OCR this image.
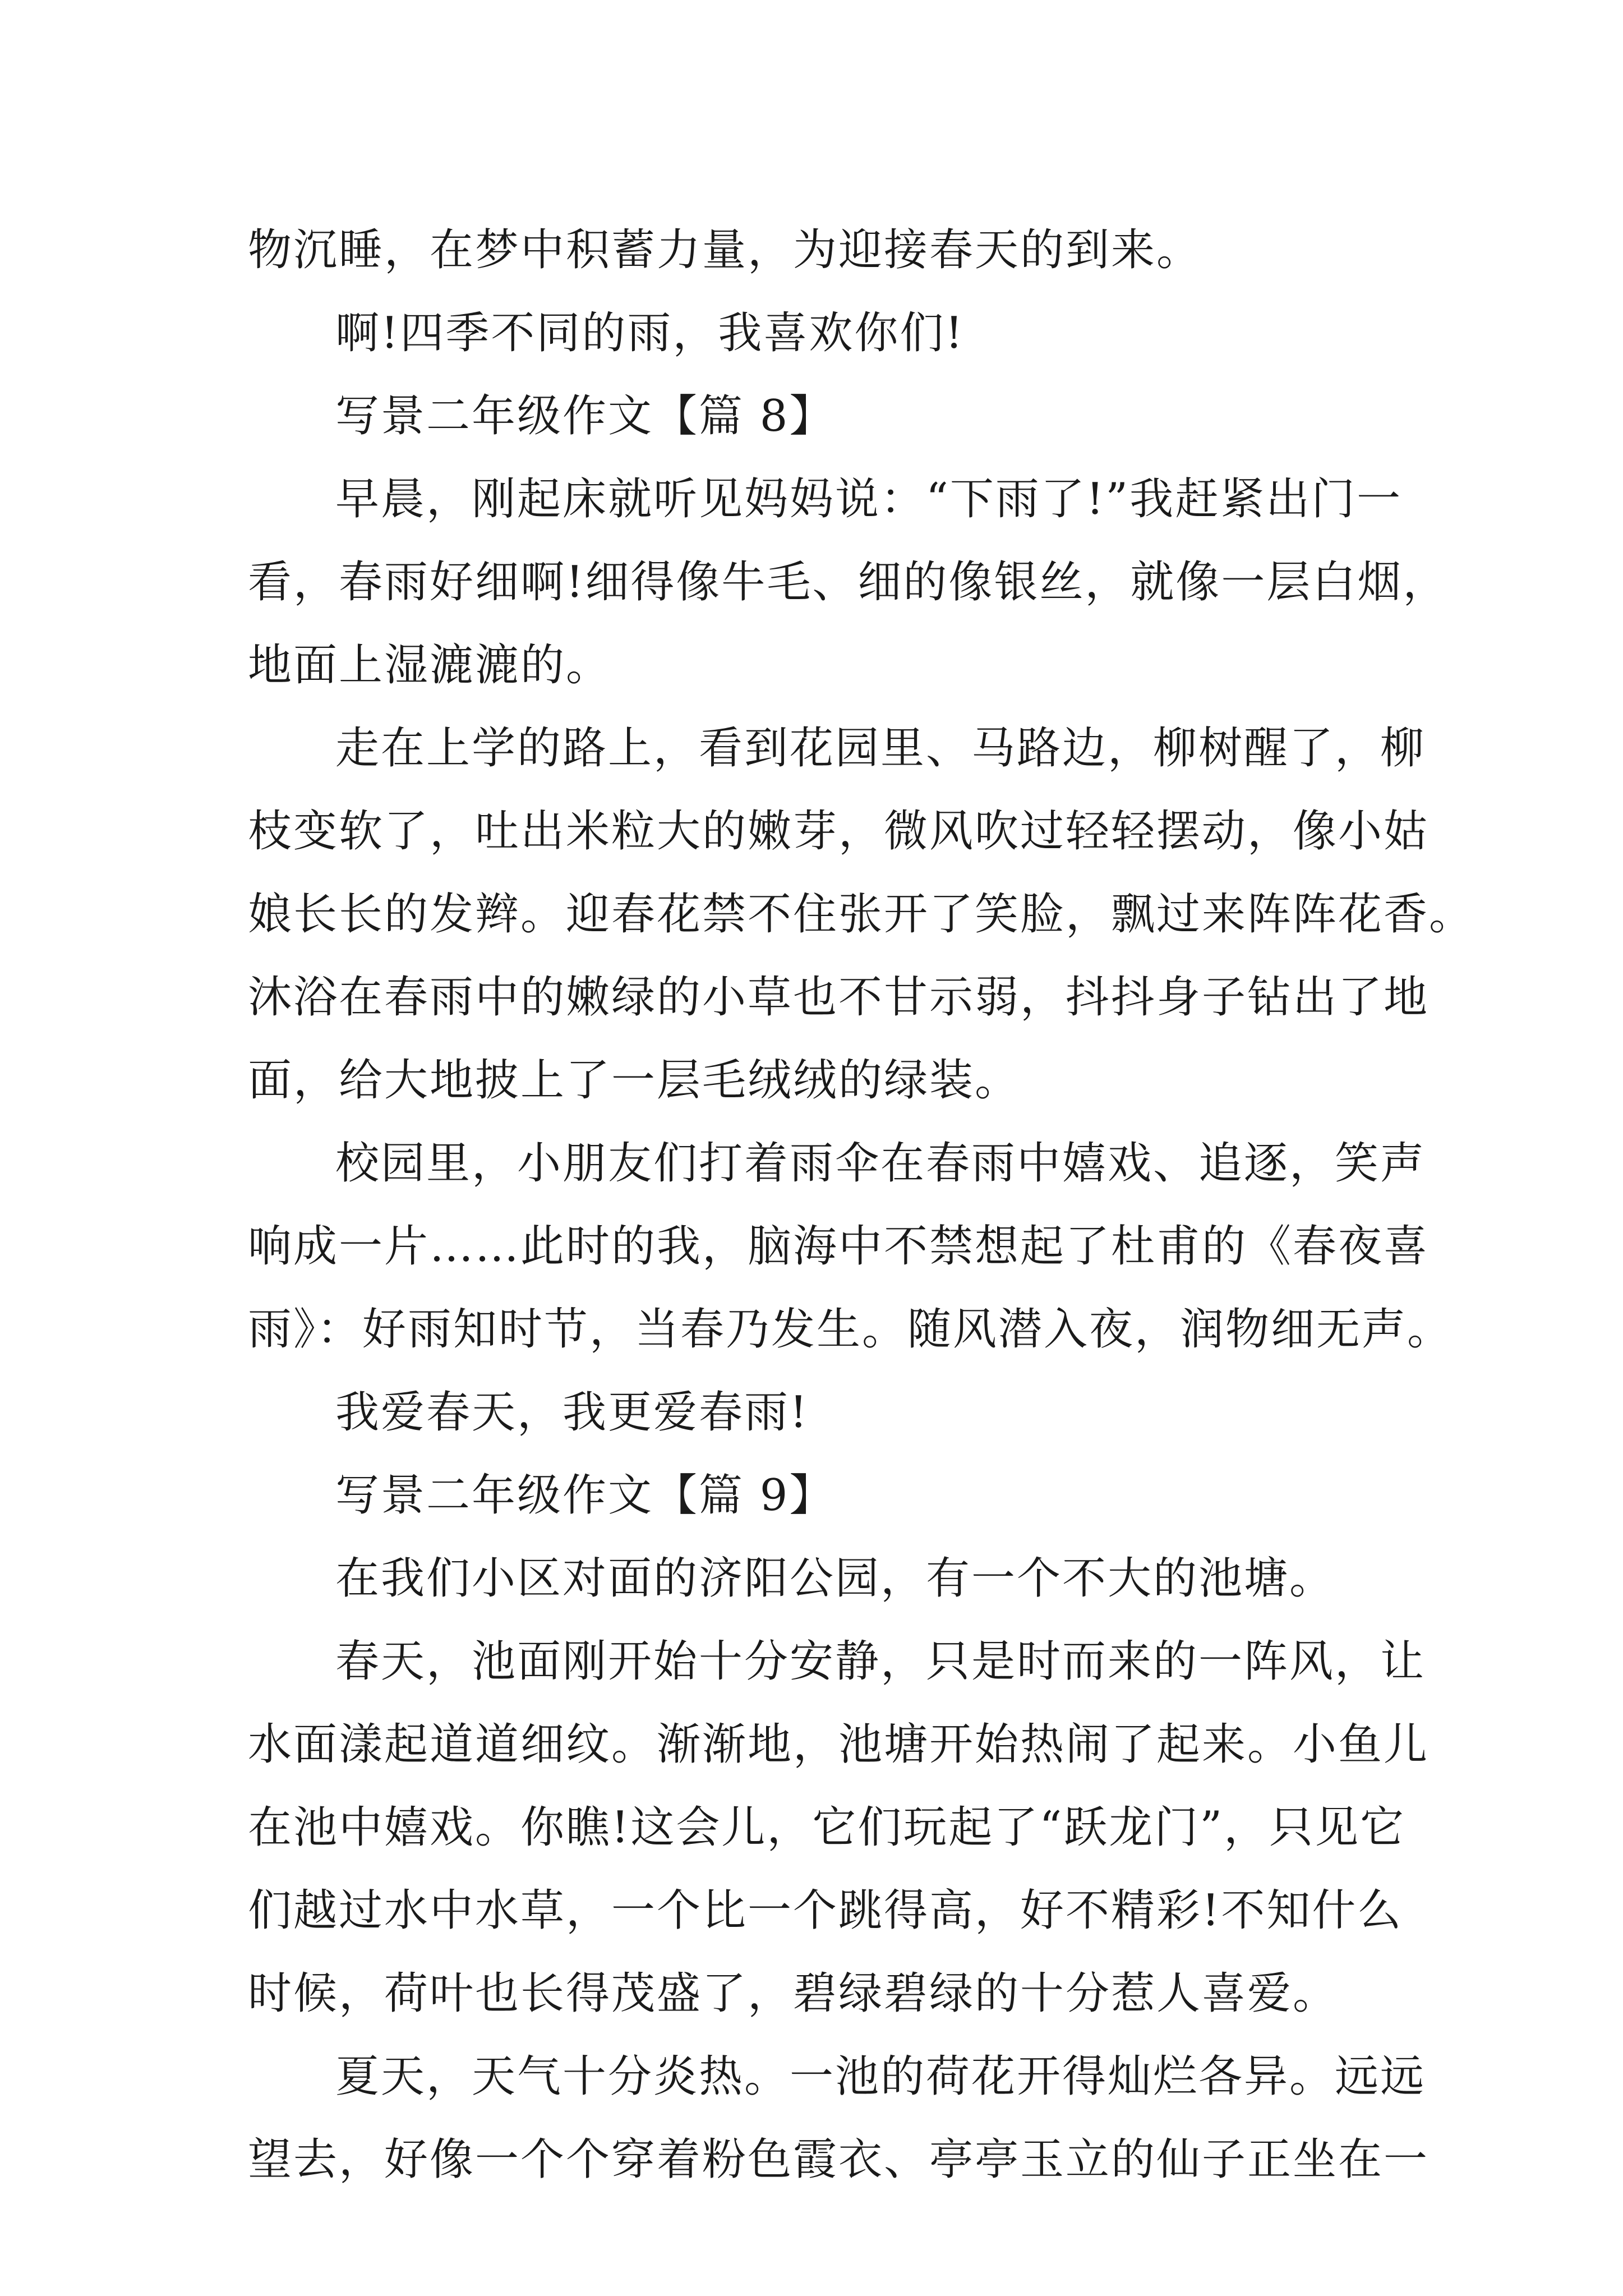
物沉睡，在梦中积蓄力量，为迎接春天的到来。
啊!四季不同的雨，我喜欢你们!
写景二年级作文【篇 8】
早晨，刚起床就听见妈妈说：“下雨了!”我赶紧出门一
看，春雨好细啊!细得像牛毛、细的像银丝，就像一层白烟，
地面上湿漉漉的。
走在上学的路上，看到花园里、马路边，柳树醒了，柳
枝变软了，吐出米粒大的嫩芽，微风吹过轻轻摆动，像小姑
娘长长的发辫。迎春花禁不住张开了笑脸，飘过来阵阵花香。
沐浴在春雨中的嫩绿的小草也不甘示弱，抖抖身子钻出了地
面，给大地披上了一层毛绒绒的绿装。
校园里，小朋友们打着雨伞在春雨中嬉戏、追逐，笑声
响成一片……此时的我，脑海中不禁想起了杜甫的《春夜喜
雨》：好雨知时节，当春乃发生。随风潜入夜，润物细无声。
我爱春天，我更爱春雨!
写景二年级作文【篇 9】
在我们小区对面的济阳公园，有一个不大的池塘。
春天，池面刚开始十分安静，只是时而来的一阵风，让
水面漾起道道细纹。渐渐地，池塘开始热闹了起来。小鱼儿
在池中嬉戏。你瞧!这会儿，它们玩起了“跃龙门”，只见它
们越过水中水草，一个比一个跳得高，好不精彩!不知什么
时候，荷叶也长得茂盛了，碧绿碧绿的十分惹人喜爱。
夏天，天气十分炎热。一池的荷花开得灿烂各异。远远
望去，好像一个个穿着粉色霞衣、亭亭玉立的仙子正坐在一
